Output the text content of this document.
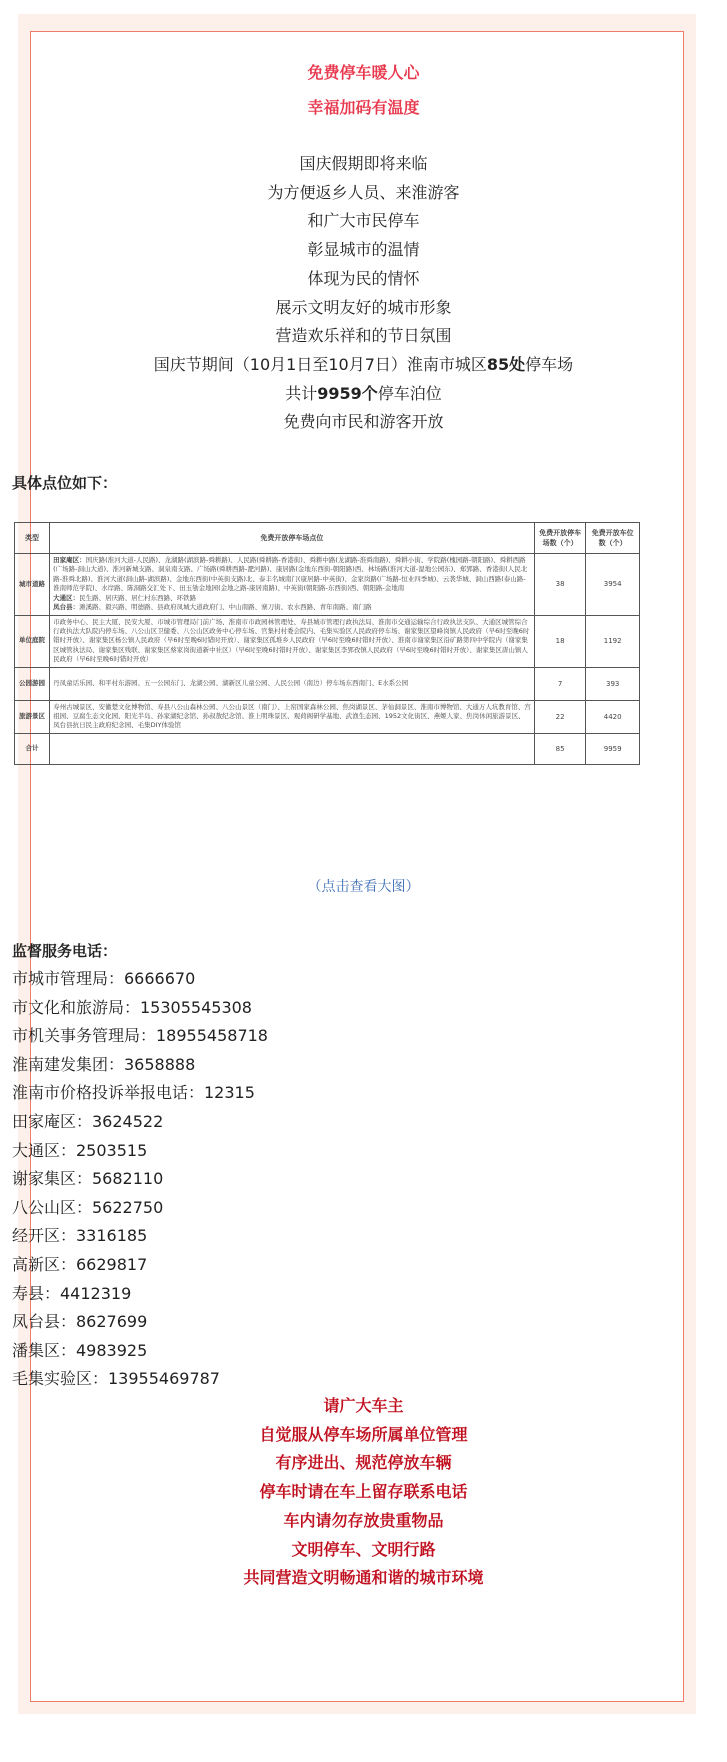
免费停车暖人心
幸福加码有温度
国庆假期即将来临
为方便返乡人员、来淮游客
和广大市民停车
彰显城市的温情
体现为民的情怀
展示文明友好的城市形象
营造欢乐祥和的节日氛围
国庆节期间（10月1日至10月7日）淮南市城区85处停车场
共计9959个停车泊位
免费向市民和游客开放
具体点位如下：
类型	免费开放停车场点位	免费开放停车场数（个）	免费开放车位数（个）
城市道路	田家庵区：国庆路(淮河大道-人民路)、龙湖路(湖滨路-舜耕路)、人民路(舜耕路-香港街)、舜耕中路(龙湖路-淮舜南路)、舜耕小街、学院路(槐园路-朝阳路)、舜耕西路(广场路-洞山大道)、淮河新城支路、洞泉南支路、广场路(舜耕西路-淝河路)、康居路(金地东西街-朝阳路)西、林场路(淮河大道-湿地公园东)、郑郢路、香港街(人民北路-淮舜北路)、淮河大道(洞山路-湖滨路)、金地东西街(中英街支路)北、泰丰名城南门(康居路-中英街)、金家岗路(广场路-恒业四季城)、云袭华城、洞山西路(泰山路-淮南师范学院)、水岸路、陈洞路交汇处下、田玉劬金地园(金地之路-康居南路)、中英街(朝阳路-东西街)西、朝阳路-金地南
大通区：民生路、居庆路、居仁村东西路、环铁路
凤台县：滩溪路、毅兴路、明德路、县政府凤城大道政府门、中山南路、寨刀街、农水西路、青年南路、南门路	38	3954
单位庭院	市政务中心、民主大厦、民安大厦、市城市管理局门前广场、淮南市市政园林管理处、寿县城市管理行政执法局、淮南市交通运输综合行政执法支队、大通区城管综合行政执法大队院内停车场、八公山区卫健委、八公山区政务中心停车场、官集村村委会院内、毛集实验区人民政府停车场、谢家集区望峰岗镇人民政府（早6时至晚6时错时开放）、谢家集区杨公镇人民政府（早6时至晚6时错时开放）、谢家集区孤堆乡人民政府（早6时至晚6时错时开放）、淮南市谢家集区沿矿路第四中学院内（谢家集区城管执法局、谢家集区残联、谢家集区蔡家岗街道新中社区）（早6时至晚6时错时开放）、谢家集区李郢孜镇人民政府（早6时至晚6时错时开放）、谢家集区唐山镇人民政府（早6时至晚6时错时开放）	18	1192
公园游园	丹凤童话乐园、和平村东游园、五一公园东门、龙湖公园、湖新区儿童公园、人民公园（南边）停车场东西南门、E水系公园	7	393
旅游景区	寿州古城景区、安徽楚文化博物馆、寿县八公山森林公园、八公山景区（南门）、上窑国家森林公园、焦岗湖景区、茅仙洞景区、淮南市博物馆、大通万人坑教育馆、宫祖园、豆腐生态文化园、阳光半岛、孙家湖纪念馆、孙叔敖纪念馆、淮上明珠景区、观荷阁研学基地、武渔生态园、1952文化街区、燕姬人家、焦岗休闲旅游景区、凤台县抗日民主政府纪念园、毛集DIY体验馆	22	4420
合计		85	9959
（点击查看大图）
监督服务电话：
市城市管理局：6666670
市文化和旅游局：15305545308
市机关事务管理局：18955458718
淮南建发集团：3658888
淮南市价格投诉举报电话：12315
田家庵区：3624522
大通区：2503515
谢家集区：5682110
八公山区：5622750
经开区：3316185
高新区：6629817
寿县：4412319
凤台县：8627699
潘集区：4983925
毛集实验区：13955469787
请广大车主
自觉服从停车场所属单位管理
有序进出、规范停放车辆
停车时请在车上留存联系电话
车内请勿存放贵重物品
文明停车、文明行路
共同营造文明畅通和谐的城市环境
